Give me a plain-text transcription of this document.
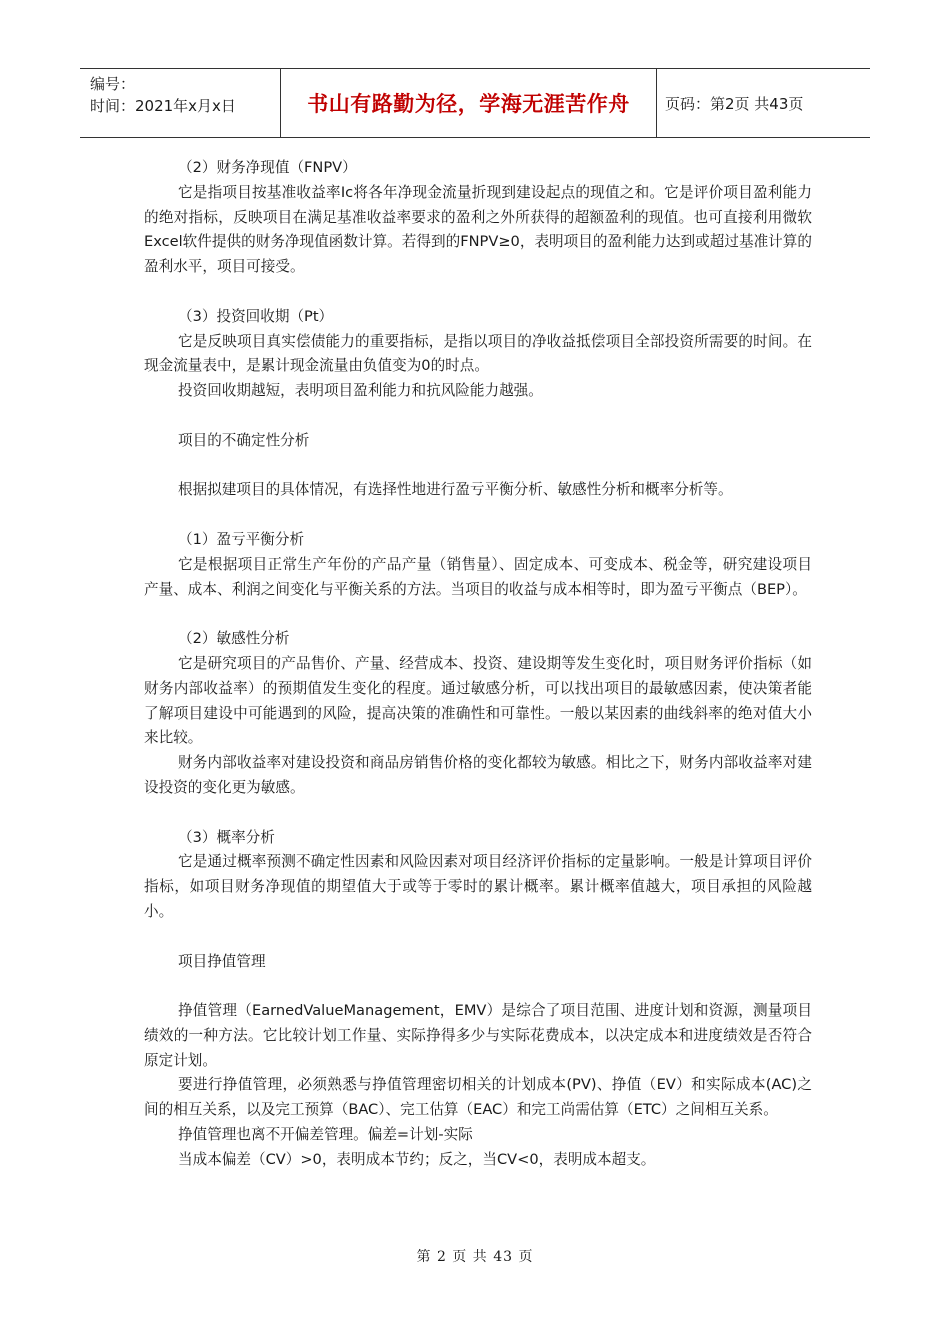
编号：
时间：2021年x月x日	书山有路勤为径，学海无涯苦作舟	页码：第2页 共43页

（2）财务净现值（FNPV）

它是指项目按基准收益率Ic将各年净现金流量折现到建设起点的现值之和。它是评价项目盈利能力的绝对指标，反映项目在满足基准收益率要求的盈利之外所获得的超额盈利的现值。也可直接利用微软Excel软件提供的财务净现值函数计算。若得到的FNPV≥0，表明项目的盈利能力达到或超过基准计算的盈利水平，项目可接受。

（3）投资回收期（Pt）

它是反映项目真实偿债能力的重要指标，是指以项目的净收益抵偿项目全部投资所需要的时间。在现金流量表中，是累计现金流量由负值变为0的时点。

投资回收期越短，表明项目盈利能力和抗风险能力越强。

项目的不确定性分析

根据拟建项目的具体情况，有选择性地进行盈亏平衡分析、敏感性分析和概率分析等。

（1）盈亏平衡分析

它是根据项目正常生产年份的产品产量（销售量）、固定成本、可变成本、税金等，研究建设项目产量、成本、利润之间变化与平衡关系的方法。当项目的收益与成本相等时，即为盈亏平衡点（BEP）。

（2）敏感性分析

它是研究项目的产品售价、产量、经营成本、投资、建设期等发生变化时，项目财务评价指标（如财务内部收益率）的预期值发生变化的程度。通过敏感分析，可以找出项目的最敏感因素，使决策者能了解项目建设中可能遇到的风险，提高决策的准确性和可靠性。一般以某因素的曲线斜率的绝对值大小来比较。

财务内部收益率对建设投资和商品房销售价格的变化都较为敏感。相比之下，财务内部收益率对建设投资的变化更为敏感。

（3）概率分析

它是通过概率预测不确定性因素和风险因素对项目经济评价指标的定量影响。一般是计算项目评价指标，如项目财务净现值的期望值大于或等于零时的累计概率。累计概率值越大，项目承担的风险越小。

项目挣值管理

挣值管理（EarnedValueManagement，EMV）是综合了项目范围、进度计划和资源，测量项目绩效的一种方法。它比较计划工作量、实际挣得多少与实际花费成本，以决定成本和进度绩效是否符合原定计划。

要进行挣值管理，必须熟悉与挣值管理密切相关的计划成本(PV)、挣值（EV）和实际成本(AC)之间的相互关系，以及完工预算（BAC）、完工估算（EAC）和完工尚需估算（ETC）之间相互关系。

挣值管理也离不开偏差管理。偏差=计划-实际

当成本偏差（CV）>0，表明成本节约；反之，当CV<0，表明成本超支。

第 2 页 共 43 页
